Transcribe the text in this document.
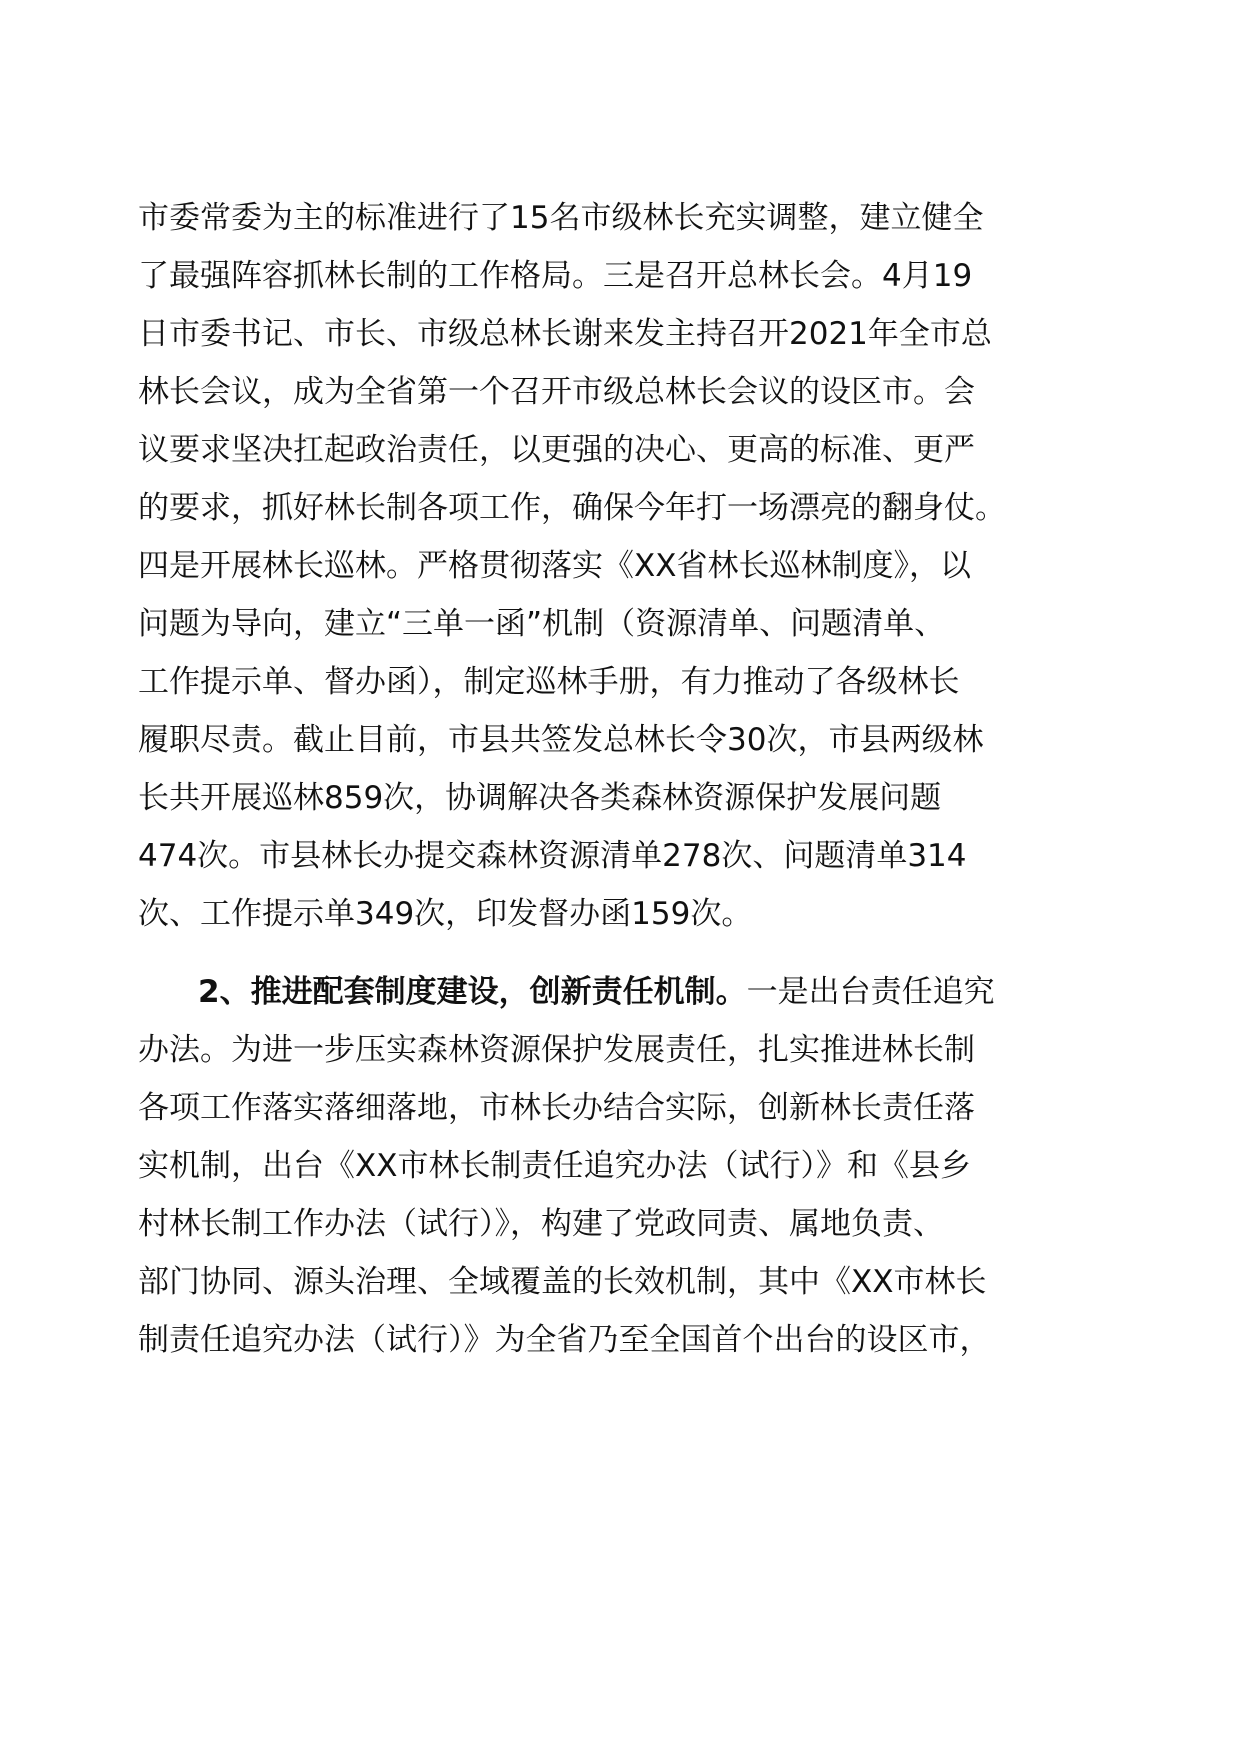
市委常委为主的标准进行了15名市级林长充实调整，建立健全
了最强阵容抓林长制的工作格局。三是召开总林长会。4月19
日市委书记、市长、市级总林长谢来发主持召开2021年全市总
林长会议，成为全省第一个召开市级总林长会议的设区市。会
议要求坚决扛起政治责任，以更强的决心、更高的标准、更严
的要求，抓好林长制各项工作，确保今年打一场漂亮的翻身仗。
四是开展林长巡林。严格贯彻落实《XX省林长巡林制度》，以
问题为导向，建立“三单一函”机制（资源清单、问题清单、
工作提示单、督办函），制定巡林手册，有力推动了各级林长
履职尽责。截止目前，市县共签发总林长令30次，市县两级林
长共开展巡林859次，协调解决各类森林资源保护发展问题
474次。市县林长办提交森林资源清单278次、问题清单314
次、工作提示单349次，印发督办函159次。
2、推进配套制度建设，创新责任机制。一是出台责任追究
办法。为进一步压实森林资源保护发展责任，扎实推进林长制
各项工作落实落细落地，市林长办结合实际，创新林长责任落
实机制，出台《XX市林长制责任追究办法（试行）》和《县乡
村林长制工作办法（试行）》，构建了党政同责、属地负责、
部门协同、源头治理、全域覆盖的长效机制，其中《XX市林长
制责任追究办法（试行）》为全省乃至全国首个出台的设区市，
